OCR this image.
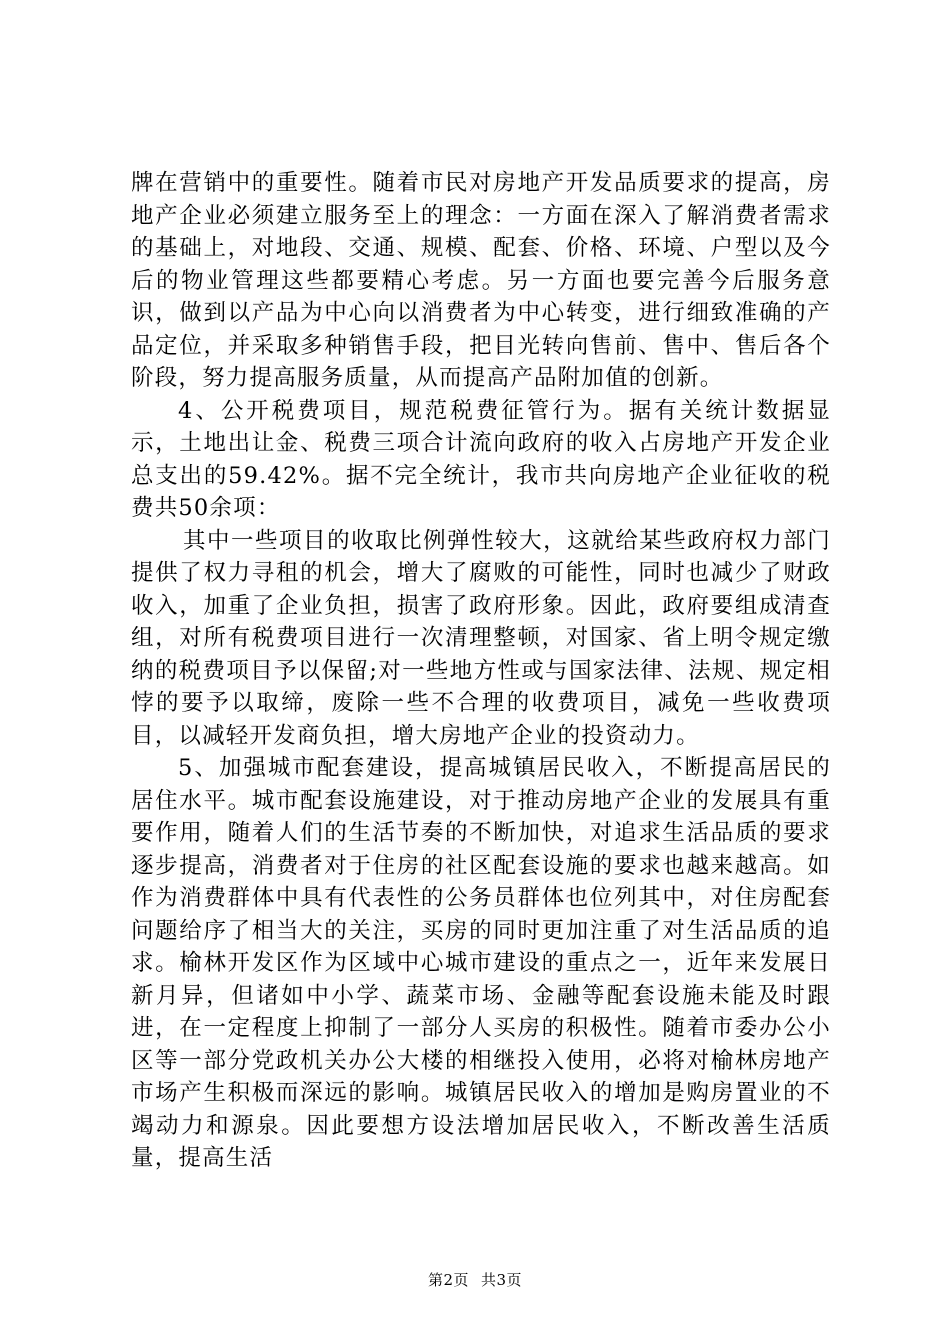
牌在营销中的重要性。随着市民对房地产开发品质要求的提高，房地产企业必须建立服务至上的理念：一方面在深入了解消费者需求的基础上，对地段、交通、规模、配套、价格、环境、户型以及今后的物业管理这些都要精心考虑。另一方面也要完善今后服务意识，做到以产品为中心向以消费者为中心转变，进行细致准确的产品定位，并采取多种销售手段，把目光转向售前、售中、售后各个阶段，努力提高服务质量，从而提高产品附加值的创新。

4、公开税费项目，规范税费征管行为。据有关统计数据显示，土地出让金、税费三项合计流向政府的收入占房地产开发企业总支出的59.42%。据不完全统计，我市共向房地产企业征收的税费共50余项：

其中一些项目的收取比例弹性较大，这就给某些政府权力部门提供了权力寻租的机会，增大了腐败的可能性，同时也减少了财政收入，加重了企业负担，损害了政府形象。因此，政府要组成清查组，对所有税费项目进行一次清理整顿，对国家、省上明令规定缴纳的税费项目予以保留;对一些地方性或与国家法律、法规、规定相悖的要予以取缔，废除一些不合理的收费项目，减免一些收费项目，以减轻开发商负担，增大房地产企业的投资动力。

5、加强城市配套建设，提高城镇居民收入，不断提高居民的居住水平。城市配套设施建设，对于推动房地产企业的发展具有重要作用，随着人们的生活节奏的不断加快，对追求生活品质的要求逐步提高，消费者对于住房的社区配套设施的要求也越来越高。如作为消费群体中具有代表性的公务员群体也位列其中，对住房配套问题给序了相当大的关注，买房的同时更加注重了对生活品质的追求。榆林开发区作为区域中心城市建设的重点之一，近年来发展日新月异，但诸如中小学、蔬菜市场、金融等配套设施未能及时跟进，在一定程度上抑制了一部分人买房的积极性。随着市委办公小区等一部分党政机关办公大楼的相继投入使用，必将对榆林房地产市场产生积极而深远的影响。城镇居民收入的增加是购房置业的不竭动力和源泉。因此要想方设法增加居民收入，不断改善生活质量，提高生活

第2页 共3页
